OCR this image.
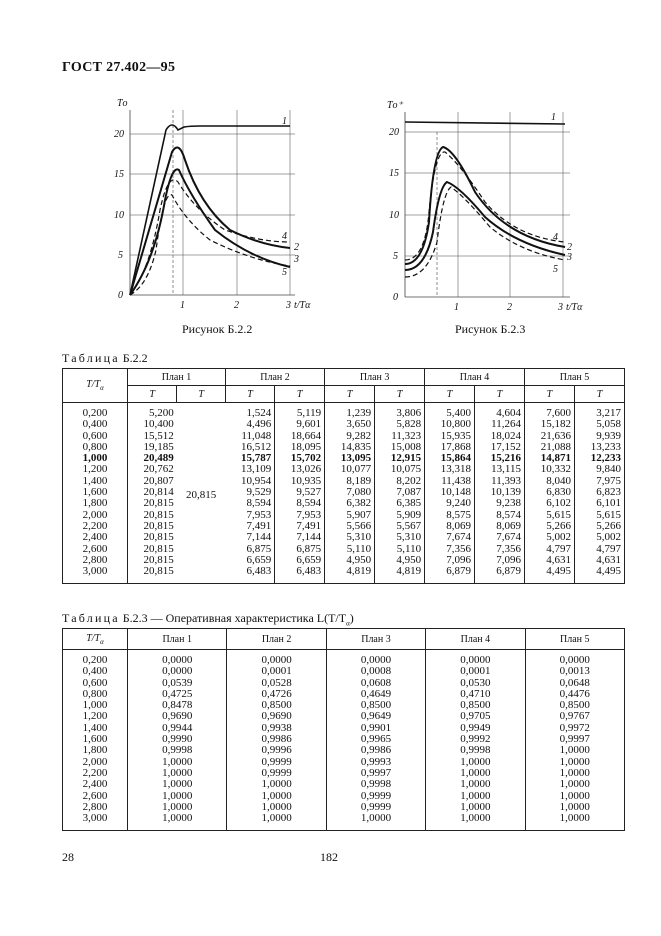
ГОСТ 27.402—95
Tо
0
5
10
15
20
1	2	3 t/Tα
1
2
3
4
5
Рисунок Б.2.2
Tо⁺
0
5
10
15
20
1	2	3 t/Tα
1
2
3
4
5
Рисунок Б.2.3
Таблица Б.2.2
$T/T_\alpha$	План 1		План 2		План 3		План 4		План 5	
	T	T	T	T	T	T	T	T	T	T
0,200	5,200	20,815	1,524	5,119	1,239	3,806	5,400	4,604	7,600	3,217
0,400	10,400		4,496	9,601	3,650	5,828	10,800	11,264	15,182	5,058
0,600	15,512		11,048	18,664	9,282	11,323	15,935	18,024	21,636	9,939
0,800	19,185		16,512	18,095	14,835	15,008	17,868	17,152	21,088	13,233
1,000	20,489		15,787	15,702	13,095	12,915	15,864	15,216	14,871	12,233
1,200	20,762		13,109	13,026	10,077	10,075	13,318	13,115	10,332	9,840
1,400	20,807		10,954	10,935	8,189	8,202	11,438	11,393	8,040	7,975
1,600	20,814		9,529	9,527	7,080	7,087	10,148	10,139	6,830	6,823
1,800	20,815		8,594	8,594	6,382	6,385	9,240	9,238	6,102	6,101
2,000	20,815		7,953	7,953	5,907	5,909	8,575	8,574	5,615	5,615
2,200	20,815		7,491	7,491	5,566	5,567	8,069	8,069	5,266	5,266
2,400	20,815		7,144	7,144	5,310	5,310	7,674	7,674	5,002	5,002
2,600	20,815		6,875	6,875	5,110	5,110	7,356	7,356	4,797	4,797
2,800	20,815		6,659	6,659	4,950	4,950	7,096	7,096	4,631	4,631
3,000	20,815		6,483	6,483	4,819	4,819	6,879	6,879	4,495	4,495
Таблица Б.2.3 — Оперативная характеристика $L(T/T_\alpha)$
$T/T_\alpha$	План 1	План 2	План 3	План 4	План 5
0,200	0,0000	0,0000	0,0000	0,0000	0,0000
0,400	0,0000	0,0001	0,0008	0,0001	0,0013
0,600	0,0539	0,0528	0,0608	0,0530	0,0648
0,800	0,4725	0,4726	0,4649	0,4710	0,4476
1,000	0,8478	0,8500	0,8500	0,8500	0,8500
1,200	0,9690	0,9690	0,9649	0,9705	0,9767
1,400	0,9944	0,9938	0,9901	0,9949	0,9972
1,600	0,9990	0,9986	0,9965	0,9992	0,9997
1,800	0,9998	0,9996	0,9986	0,9998	1,0000
2,000	1,0000	0,9999	0,9993	1,0000	1,0000
2,200	1,0000	0,9999	0,9997	1,0000	1,0000
2,400	1,0000	1,0000	0,9998	1,0000	1,0000
2,600	1,0000	1,0000	0,9999	1,0000	1,0000
2,800	1,0000	1,0000	0,9999	1,0000	1,0000
3,000	1,0000	1,0000	1,0000	1,0000	1,0000
28	182
